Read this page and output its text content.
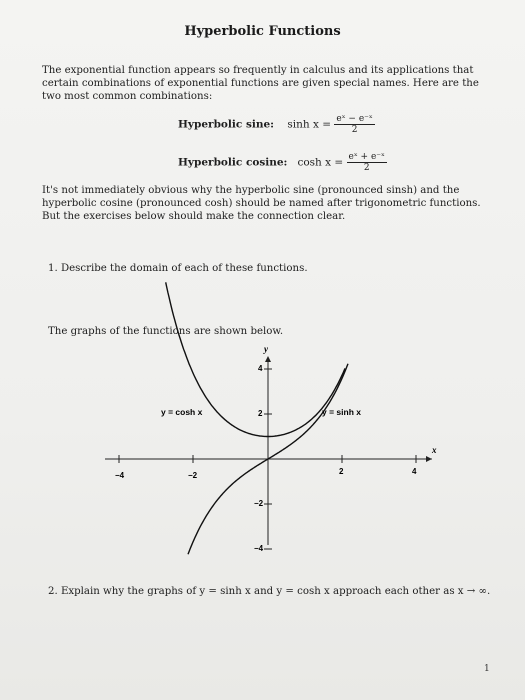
Hyperbolic Functions
The exponential function appears so frequently in calculus and its applications that certain combinations of exponential functions are given special names. Here are the two most common combinations:
Hyperbolic sine: $\sinh x = \frac{\text{eˣ − e⁻ˣ}}{2}$
Hyperbolic cosine: $\cosh x = \frac{\text{eˣ + e⁻ˣ}}{2}$
It's not immediately obvious why the hyperbolic sine (pronounced sinsh) and the hyperbolic cosine (pronounced cosh) should be named after trigonometric functions. But the exercises below should make the connection clear.
1. Describe the domain of each of these functions.
The graphs of the functions are shown below.
−4	−2	2	4
4
2
−2
−4
y
x
y = cosh x	y = sinh x
2. Explain why the graphs of y = sinh x and y = cosh x approach each other as x → ∞.
1
